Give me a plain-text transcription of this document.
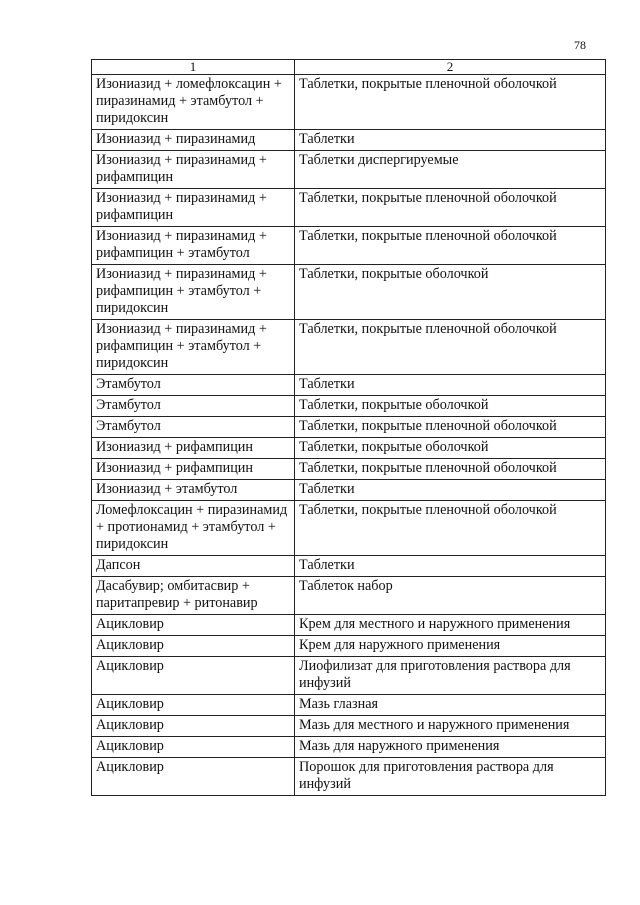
78
1	2
Изониазид + ломефлоксацин + пиразинамид + этамбутол + пиридоксин	Таблетки, покрытые пленочной оболочкой
Изониазид + пиразинамид	Таблетки
Изониазид + пиразинамид + рифампицин	Таблетки диспергируемые
Изониазид + пиразинамид + рифампицин	Таблетки, покрытые пленочной оболочкой
Изониазид + пиразинамид + рифампицин + этамбутол	Таблетки, покрытые пленочной оболочкой
Изониазид + пиразинамид + рифампицин + этамбутол + пиридоксин	Таблетки, покрытые оболочкой
Изониазид + пиразинамид + рифампицин + этамбутол + пиридоксин	Таблетки, покрытые пленочной оболочкой
Этамбутол	Таблетки
Этамбутол	Таблетки, покрытые оболочкой
Этамбутол	Таблетки, покрытые пленочной оболочкой
Изониазид + рифампицин	Таблетки, покрытые оболочкой
Изониазид + рифампицин	Таблетки, покрытые пленочной оболочкой
Изониазид + этамбутол	Таблетки
Ломефлоксацин + пиразинамид + протионамид + этамбутол + пиридоксин	Таблетки, покрытые пленочной оболочкой
Дапсон	Таблетки
Дасабувир; омбитасвир + паритапревир + ритонавир	Таблеток набор
Ацикловир	Крем для местного и наружного применения
Ацикловир	Крем для наружного применения
Ацикловир	Лиофилизат для приготовления раствора для инфузий
Ацикловир	Мазь глазная
Ацикловир	Мазь для местного и наружного применения
Ацикловир	Мазь для наружного применения
Ацикловир	Порошок для приготовления раствора для инфузий
